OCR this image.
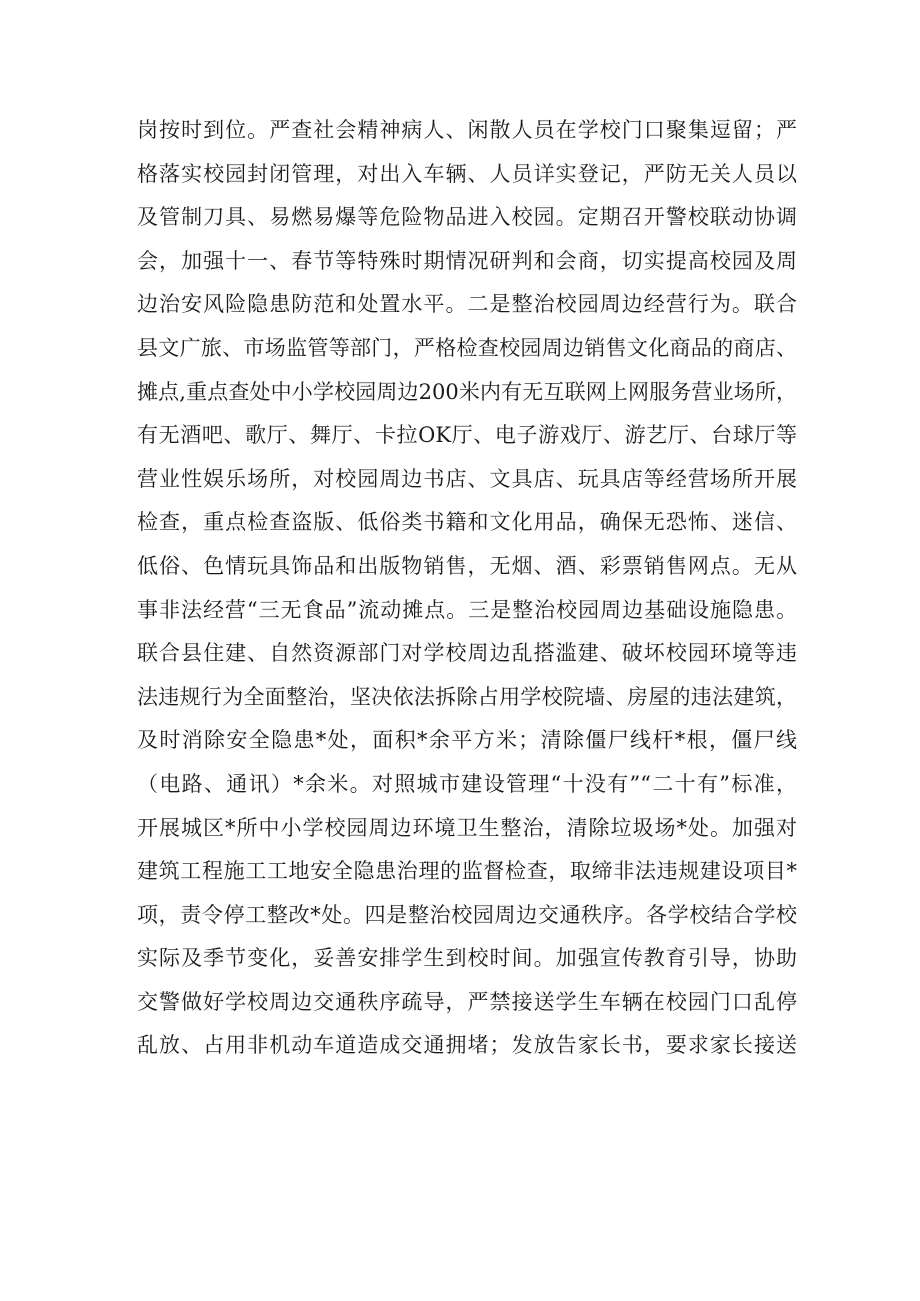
岗按时到位。严查社会精神病人、闲散人员在学校门口聚集逗留；严
格落实校园封闭管理，对出入车辆、人员详实登记，严防无关人员以
及管制刀具、易燃易爆等危险物品进入校园。定期召开警校联动协调
会，加强十一、春节等特殊时期情况研判和会商，切实提高校园及周
边治安风险隐患防范和处置水平。二是整治校园周边经营行为。联合
县文广旅、市场监管等部门，严格检查校园周边销售文化商品的商店、
摊点,重点查处中小学校园周边200米内有无互联网上网服务营业场所，
有无酒吧、歌厅、舞厅、卡拉OK厅、电子游戏厅、游艺厅、台球厅等
营业性娱乐场所，对校园周边书店、文具店、玩具店等经营场所开展
检查，重点检查盗版、低俗类书籍和文化用品，确保无恐怖、迷信、
低俗、色情玩具饰品和出版物销售，无烟、酒、彩票销售网点。无从
事非法经营“三无食品”流动摊点。三是整治校园周边基础设施隐患。
联合县住建、自然资源部门对学校周边乱搭滥建、破坏校园环境等违
法违规行为全面整治，坚决依法拆除占用学校院墙、房屋的违法建筑，
及时消除安全隐患*处，面积*余平方米；清除僵尸线杆*根，僵尸线
（电路、通讯）*余米。对照城市建设管理“十没有”“二十有”标准，
开展城区*所中小学校园周边环境卫生整治，清除垃圾场*处。加强对
建筑工程施工工地安全隐患治理的监督检查，取缔非法违规建设项目*
项，责令停工整改*处。四是整治校园周边交通秩序。各学校结合学校
实际及季节变化，妥善安排学生到校时间。加强宣传教育引导，协助
交警做好学校周边交通秩序疏导，严禁接送学生车辆在校园门口乱停
乱放、占用非机动车道造成交通拥堵；发放告家长书，要求家长接送
